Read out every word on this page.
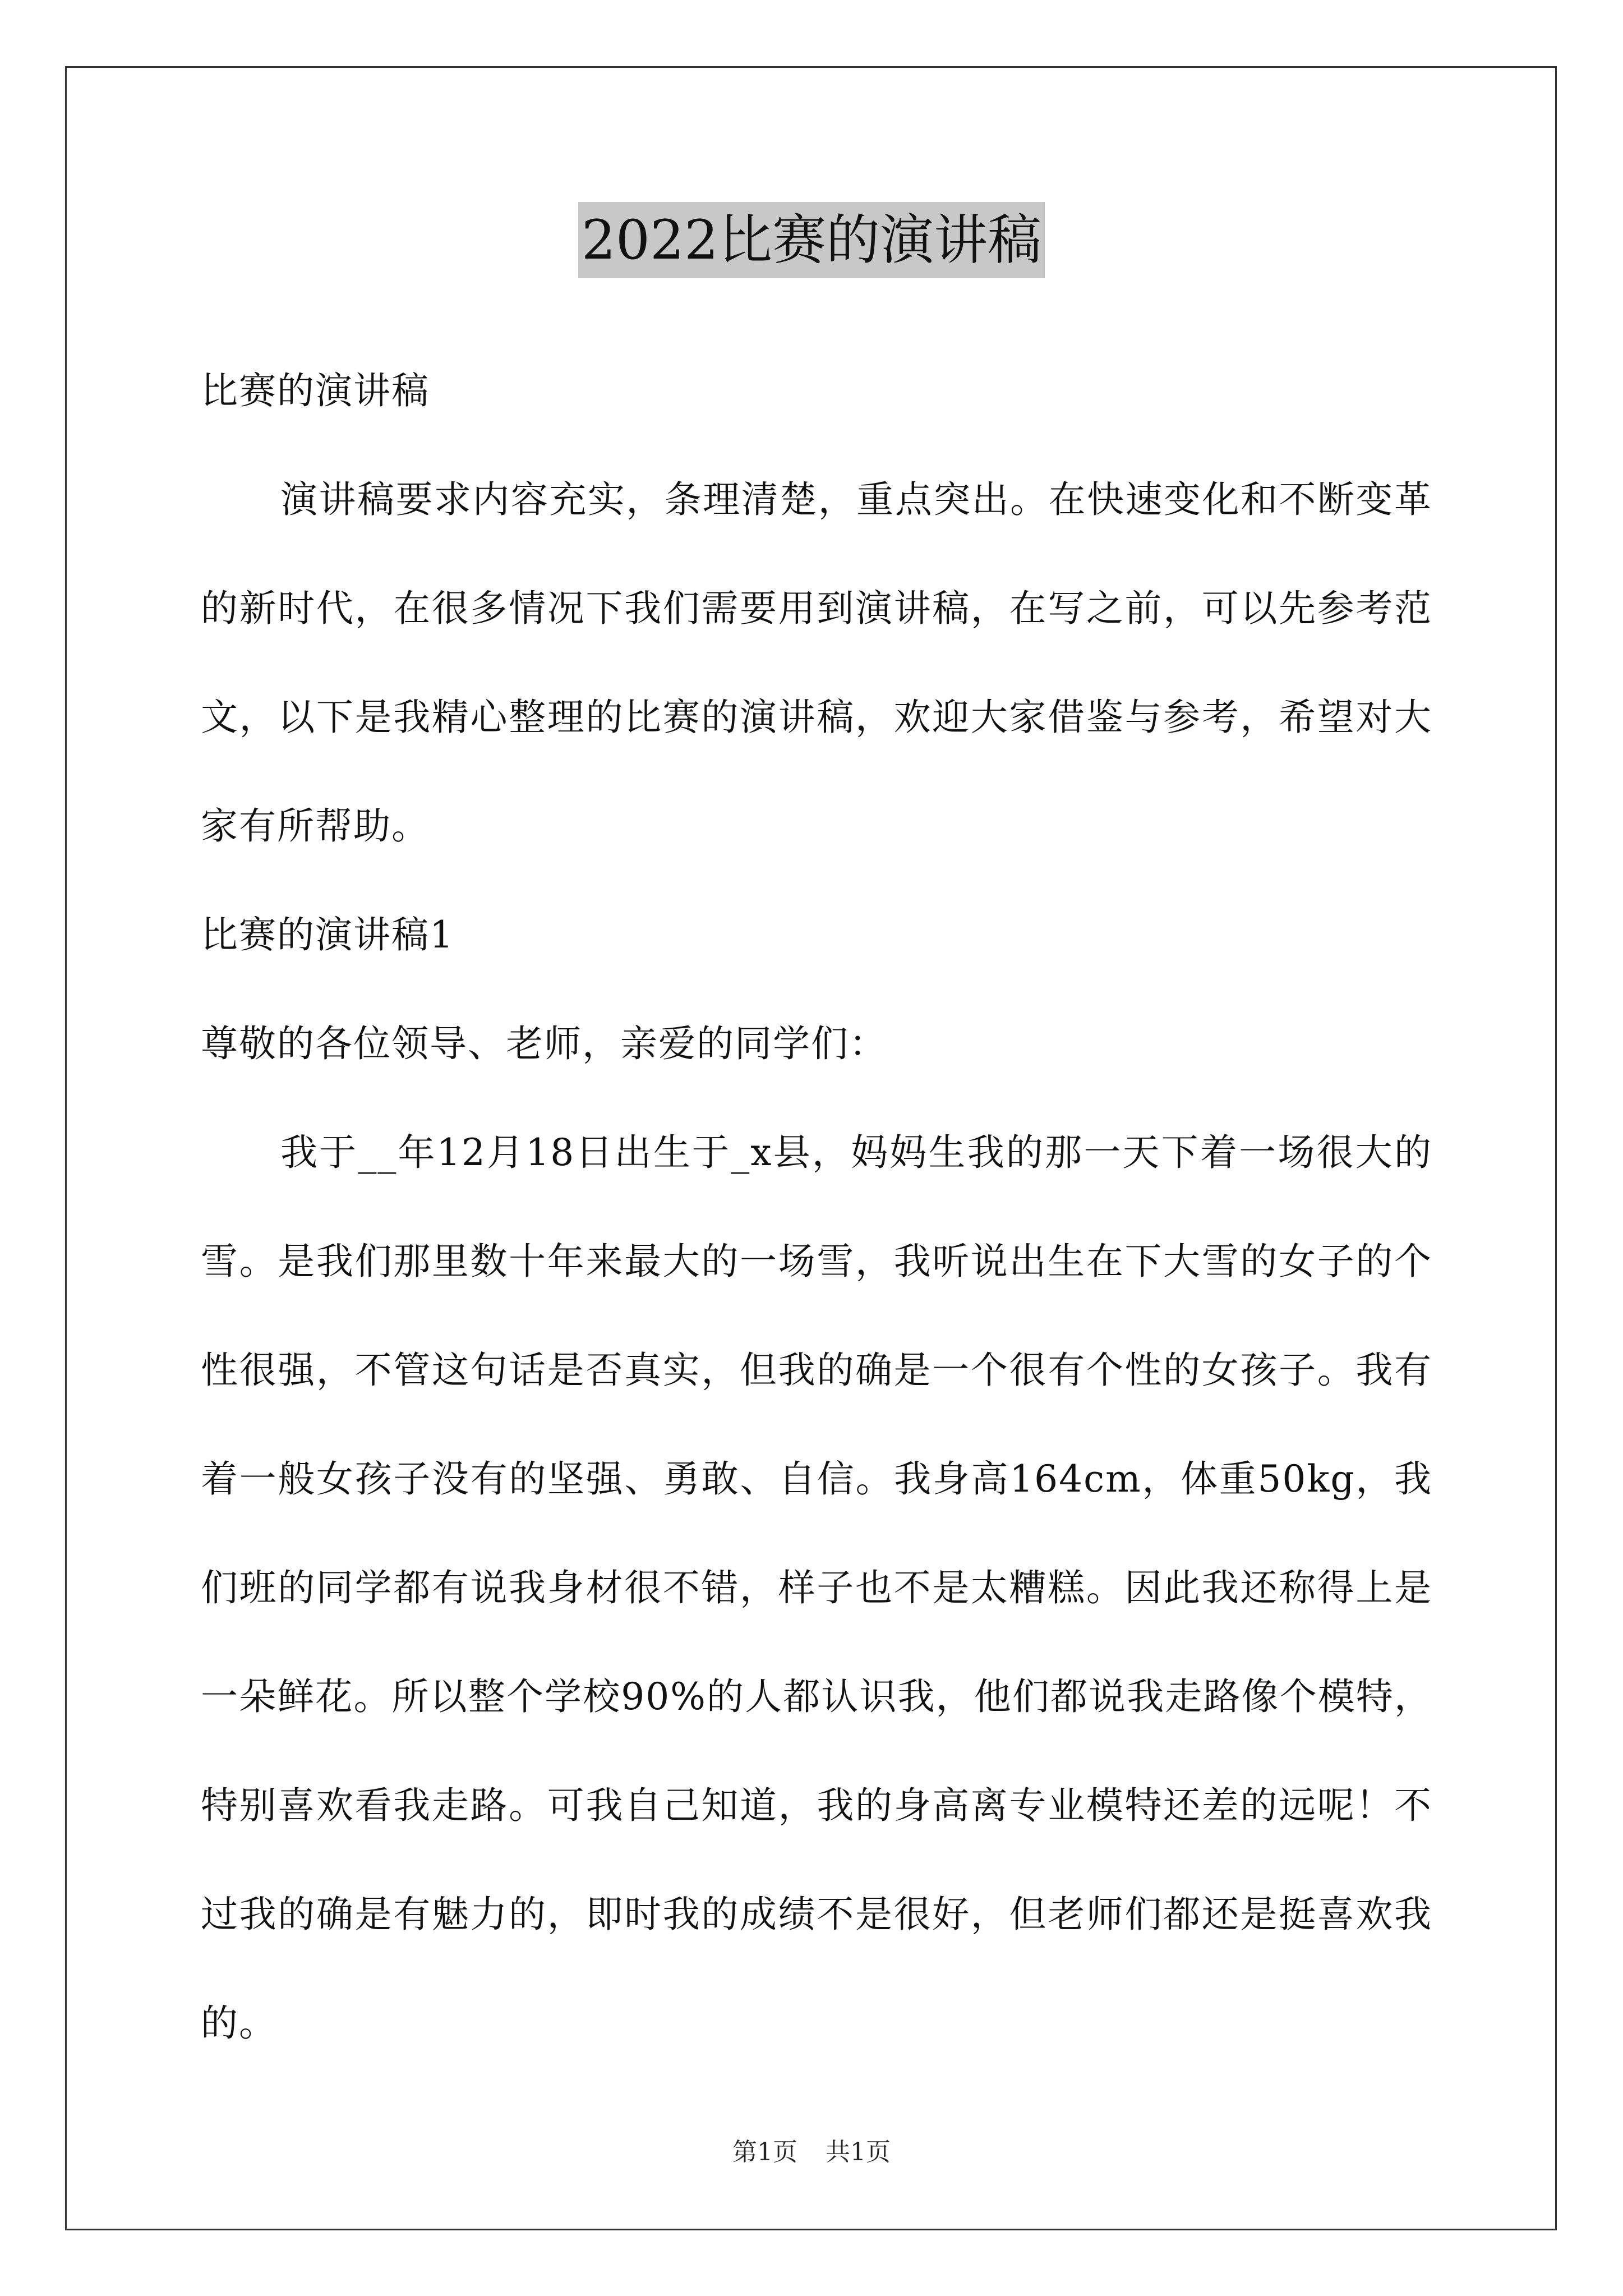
2022比赛的演讲稿

比赛的演讲稿

演讲稿要求内容充实，条理清楚，重点突出。在快速变化和不断变革的新时代，在很多情况下我们需要用到演讲稿，在写之前，可以先参考范文，以下是我精心整理的比赛的演讲稿，欢迎大家借鉴与参考，希望对大家有所帮助。

比赛的演讲稿1

尊敬的各位领导、老师，亲爱的同学们：

我于__年12月18日出生于_x县，妈妈生我的那一天下着一场很大的雪。是我们那里数十年来最大的一场雪，我听说出生在下大雪的女子的个性很强，不管这句话是否真实，但我的确是一个很有个性的女孩子。我有着一般女孩子没有的坚强、勇敢、自信。我身高164cm，体重50kg，我们班的同学都有说我身材很不错，样子也不是太糟糕。因此我还称得上是一朵鲜花。所以整个学校90%的人都认识我，他们都说我走路像个模特，特别喜欢看我走路。可我自己知道，我的身高离专业模特还差的远呢！不过我的确是有魅力的，即时我的成绩不是很好，但老师们都还是挺喜欢我的。

第1页 共1页
